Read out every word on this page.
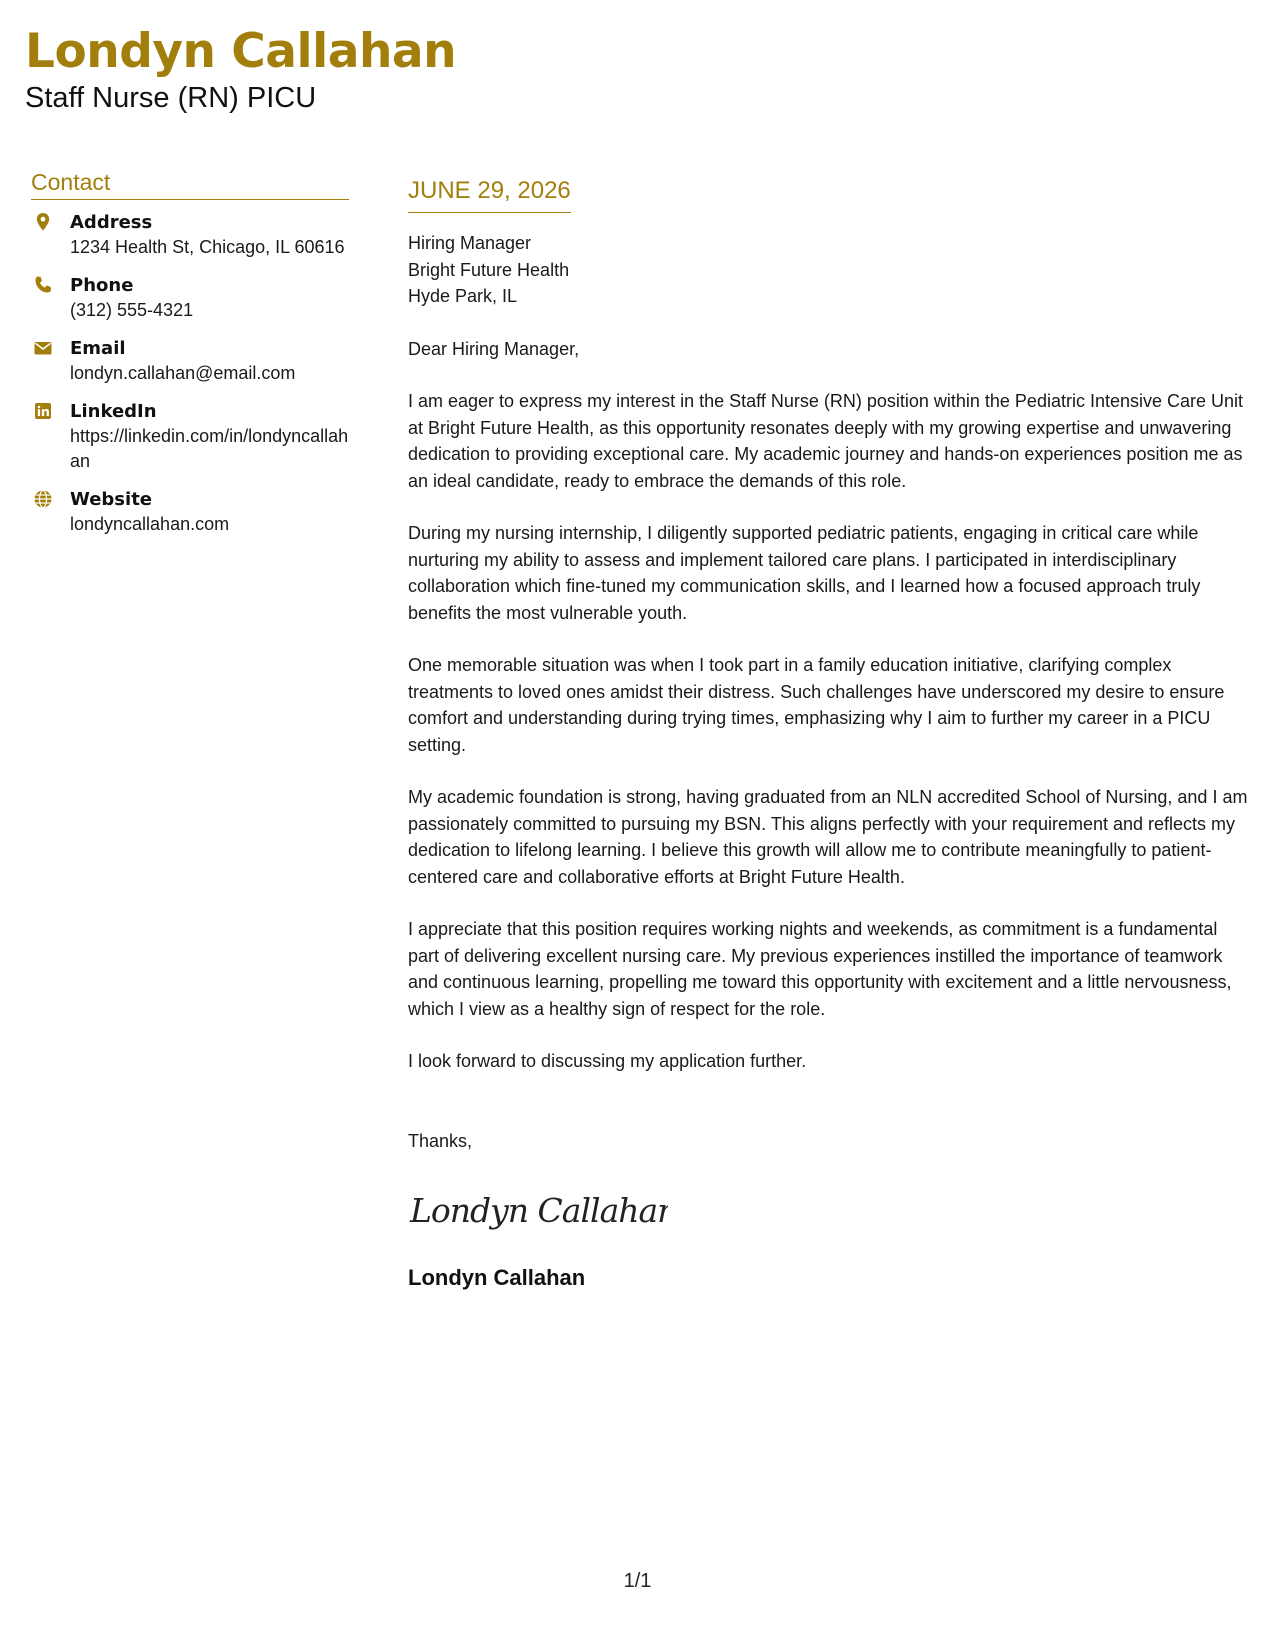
Londyn Callahan
Staff Nurse (RN) PICU
Contact
Address
1234 Health St, Chicago, IL 60616
Phone
(312) 555-4321
Email
londyn.callahan@email.com
LinkedIn
https://linkedin.com/in/londyncallahan
Website
londyncallahan.com
JUNE 29, 2026
Hiring Manager
Bright Future Health
Hyde Park, IL
Dear Hiring Manager,
I am eager to express my interest in the Staff Nurse (RN) position within the Pediatric Intensive Care Unit at Bright Future Health, as this opportunity resonates deeply with my growing expertise and unwavering dedication to providing exceptional care. My academic journey and hands-on experiences position me as an ideal candidate, ready to embrace the demands of this role.
During my nursing internship, I diligently supported pediatric patients, engaging in critical care while nurturing my ability to assess and implement tailored care plans. I participated in interdisciplinary collaboration which fine-tuned my communication skills, and I learned how a focused approach truly benefits the most vulnerable youth.
One memorable situation was when I took part in a family education initiative, clarifying complex treatments to loved ones amidst their distress. Such challenges have underscored my desire to ensure comfort and understanding during trying times, emphasizing why I aim to further my career in a PICU setting.
My academic foundation is strong, having graduated from an NLN accredited School of Nursing, and I am passionately committed to pursuing my BSN. This aligns perfectly with your requirement and reflects my dedication to lifelong learning. I believe this growth will allow me to contribute meaningfully to patient-centered care and collaborative efforts at Bright Future Health.
I appreciate that this position requires working nights and weekends, as commitment is a fundamental part of delivering excellent nursing care. My previous experiences instilled the importance of teamwork and continuous learning, propelling me toward this opportunity with excitement and a little nervousness, which I view as a healthy sign of respect for the role.
I look forward to discussing my application further.
Thanks,
Londyn Callahan
Londyn Callahan
1/1
